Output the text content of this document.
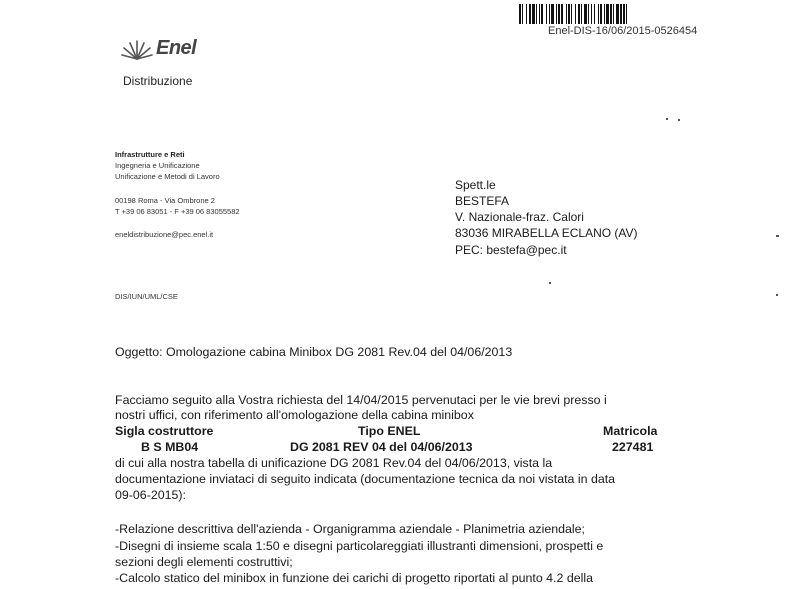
Enel-DIS-16/06/2015-0526454
Enel
Distribuzione
Infrastrutture e Reti
Ingegneria e Unificazione
Unificazione e Metodi di Lavoro
00198 Roma - Via Ombrone 2
T +39 06 83051 - F +39 06 83055582
eneldistribuzione@pec.enel.it
DIS/IUN/UML/CSE
Spett.le
BESTEFA
V. Nazionale-fraz. Calori
83036 MIRABELLA ECLANO (AV)
PEC: bestefa@pec.it
Oggetto: Omologazione cabina Minibox DG 2081 Rev.04 del 04/06/2013
Facciamo seguito alla Vostra richiesta del 14/04/2015 pervenutaci per le vie brevi presso i
nostri uffici, con riferimento all'omologazione della cabina minibox
Sigla costruttore	Tipo ENEL	Matricola
B S MB04	DG 2081 REV 04 del 04/06/2013	227481
di cui alla nostra tabella di unificazione DG 2081 Rev.04 del 04/06/2013, vista la
documentazione inviataci di seguito indicata (documentazione tecnica da noi vistata in data
09-06-2015):
-Relazione descrittiva dell'azienda - Organigramma aziendale - Planimetria aziendale;
-Disegni di insieme scala 1:50 e disegni particolareggiati illustranti dimensioni, prospetti e
sezioni degli elementi costruttivi;
-Calcolo statico del minibox in funzione dei carichi di progetto riportati al punto 4.2 della
